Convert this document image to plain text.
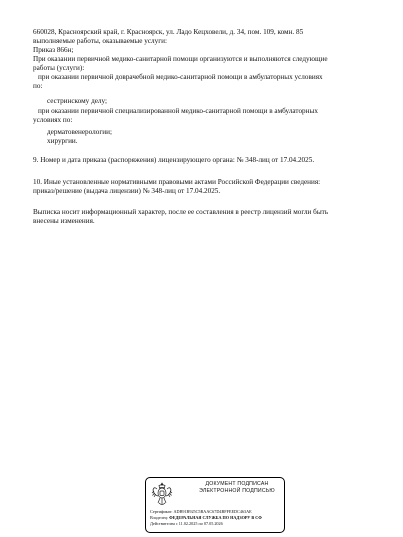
660028, Красноярский край, г. Красноярск, ул. Ладо Кецховели, д. 34, пом. 109, комн. 85
выполняемые работы, оказываемые услуги:
Приказ 866н;
При оказании первичной медико-санитарной помощи организуются и выполняются следующие
работы (услуги):
при оказании первичной доврачебной медико-санитарной помощи в амбулаторных условиях
по:
сестринскому делу;
при оказании первичной специализированной медико-санитарной помощи в амбулаторных
условиях по:
дерматовенерологии;
хирургии.
9. Номер и дата приказа (распоряжения) лицензирующего органа: № 348-лиц от 17.04.2025.
10. Иные установленные нормативными правовыми актами Российской Федерации сведения:
приказ/решение (выдача лицензии) № 348-лиц от 17.04.2025.
Выписка носит информационный характер, после ее составления в реестр лицензий могли быть
внесены изменения.
ДОКУМЕНТ ПОДПИСАН
ЭЛЕКТРОННОЙ ПОДПИСЬЮ
Сертификат: АDB91B925C5BAAC67D4BFFEEDC463AE
Владелец: ФЕДЕРАЛЬНАЯ СЛУЖБА ПО НАДЗОРУ В СФ
Действителен с 11.02.2025 по 07.05.2026
